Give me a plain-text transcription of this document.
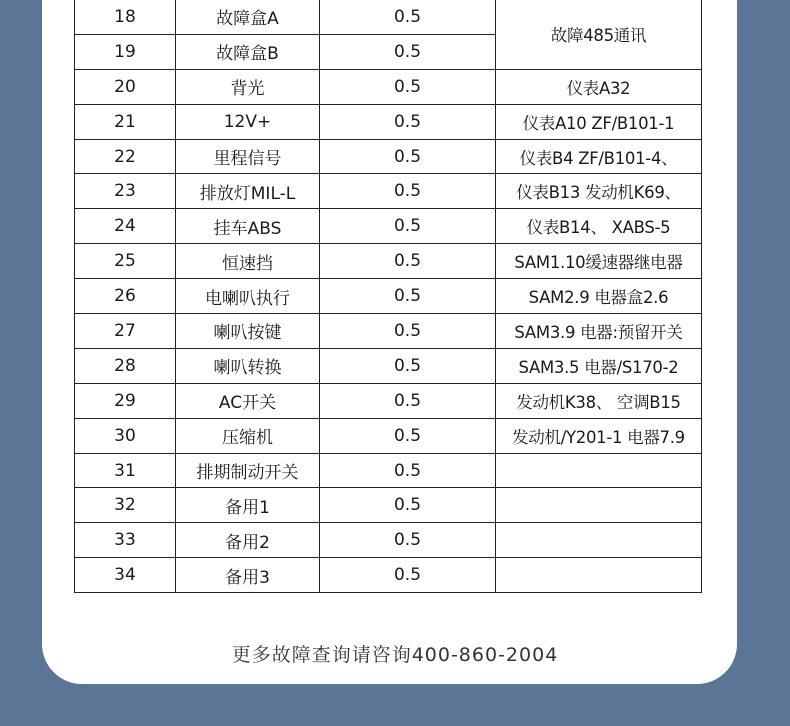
18	故障盒A	0.5	故障485通讯
19	故障盒B	0.5	
20	背光	0.5	仪表A32
21	12V+	0.5	仪表A10 ZF/B101-1
22	里程信号	0.5	仪表B4 ZF/B101-4、
23	排放灯MIL-L	0.5	仪表B13 发动机K69、
24	挂车ABS	0.5	仪表B14、 XABS-5
25	恒速挡	0.5	SAM1.10缓速器继电器
26	电喇叭执行	0.5	SAM2.9 电器盒2.6
27	喇叭按键	0.5	SAM3.9 电器:预留开关
28	喇叭转换	0.5	SAM3.5 电器/S170-2
29	AC开关	0.5	发动机K38、 空调B15
30	压缩机	0.5	发动机/Y201-1 电器7.9
31	排期制动开关	0.5	
32	备用1	0.5	
33	备用2	0.5	
34	备用3	0.5	
更多故障查询请咨询400-860-2004
